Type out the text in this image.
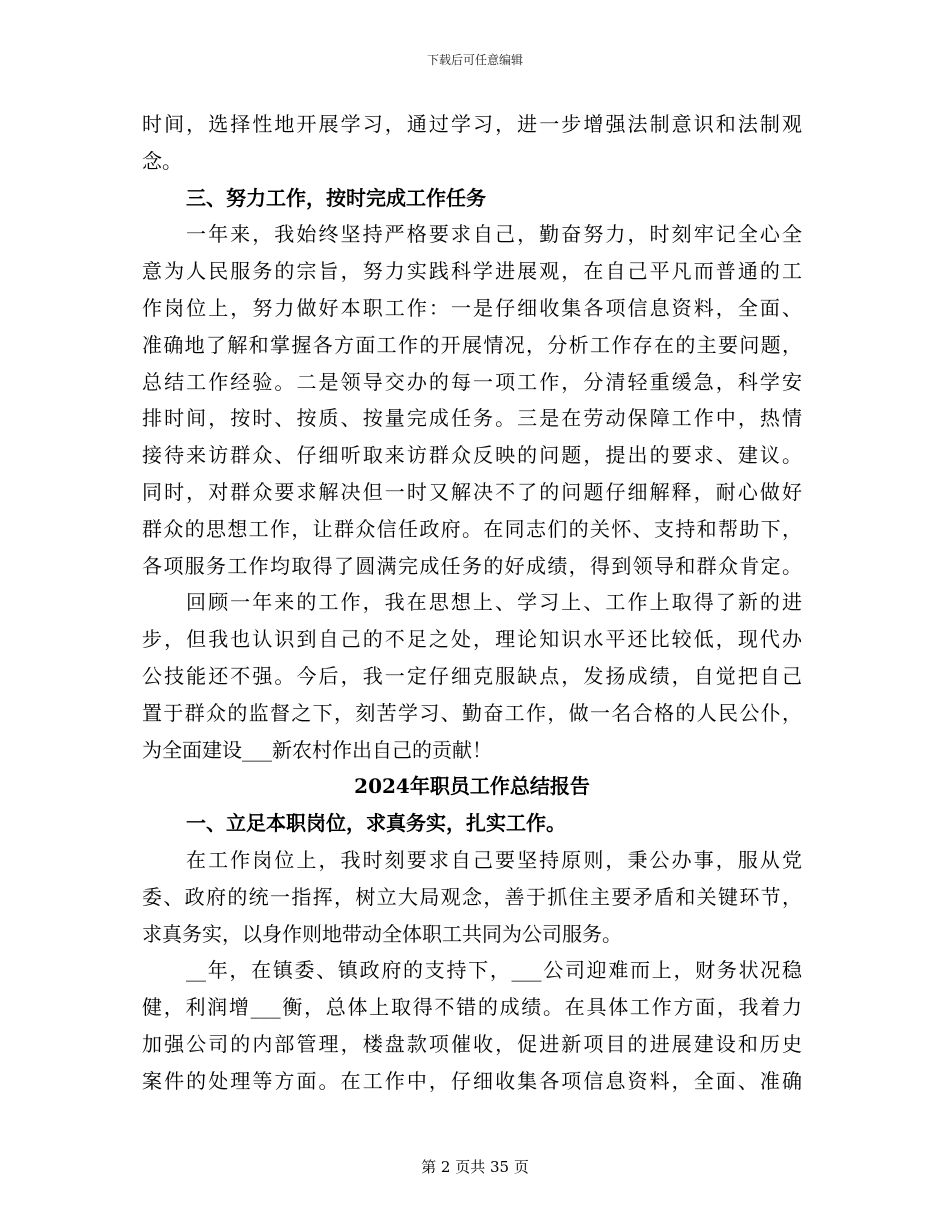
下载后可任意编辑
时间，选择性地开展学习，通过学习，进一步增强法制意识和法制观
念。
三、努力工作，按时完成工作任务
一年来，我始终坚持严格要求自己，勤奋努力，时刻牢记全心全
意为人民服务的宗旨，努力实践科学进展观，在自己平凡而普通的工
作岗位上，努力做好本职工作：一是仔细收集各项信息资料，全面、
准确地了解和掌握各方面工作的开展情况，分析工作存在的主要问题，
总结工作经验。二是领导交办的每一项工作，分清轻重缓急，科学安
排时间，按时、按质、按量完成任务。三是在劳动保障工作中，热情
接待来访群众、仔细听取来访群众反映的问题，提出的要求、建议。
同时，对群众要求解决但一时又解决不了的问题仔细解释，耐心做好
群众的思想工作，让群众信任政府。在同志们的关怀、支持和帮助下，
各项服务工作均取得了圆满完成任务的好成绩，得到领导和群众肯定。
回顾一年来的工作，我在思想上、学习上、工作上取得了新的进
步，但我也认识到自己的不足之处，理论知识水平还比较低，现代办
公技能还不强。今后，我一定仔细克服缺点，发扬成绩，自觉把自己
置于群众的监督之下，刻苦学习、勤奋工作，做一名合格的人民公仆，
为全面建设___新农村作出自己的贡献！
2024年职员工作总结报告
一、立足本职岗位，求真务实，扎实工作。
在工作岗位上，我时刻要求自己要坚持原则，秉公办事，服从党
委、政府的统一指挥，树立大局观念，善于抓住主要矛盾和关键环节，
求真务实，以身作则地带动全体职工共同为公司服务。
__年，在镇委、镇政府的支持下，___公司迎难而上，财务状况稳
健，利润增___衡，总体上取得不错的成绩。在具体工作方面，我着力
加强公司的内部管理，楼盘款项催收，促进新项目的进展建设和历史
案件的处理等方面。在工作中，仔细收集各项信息资料，全面、准确
第 2 页共 35 页
